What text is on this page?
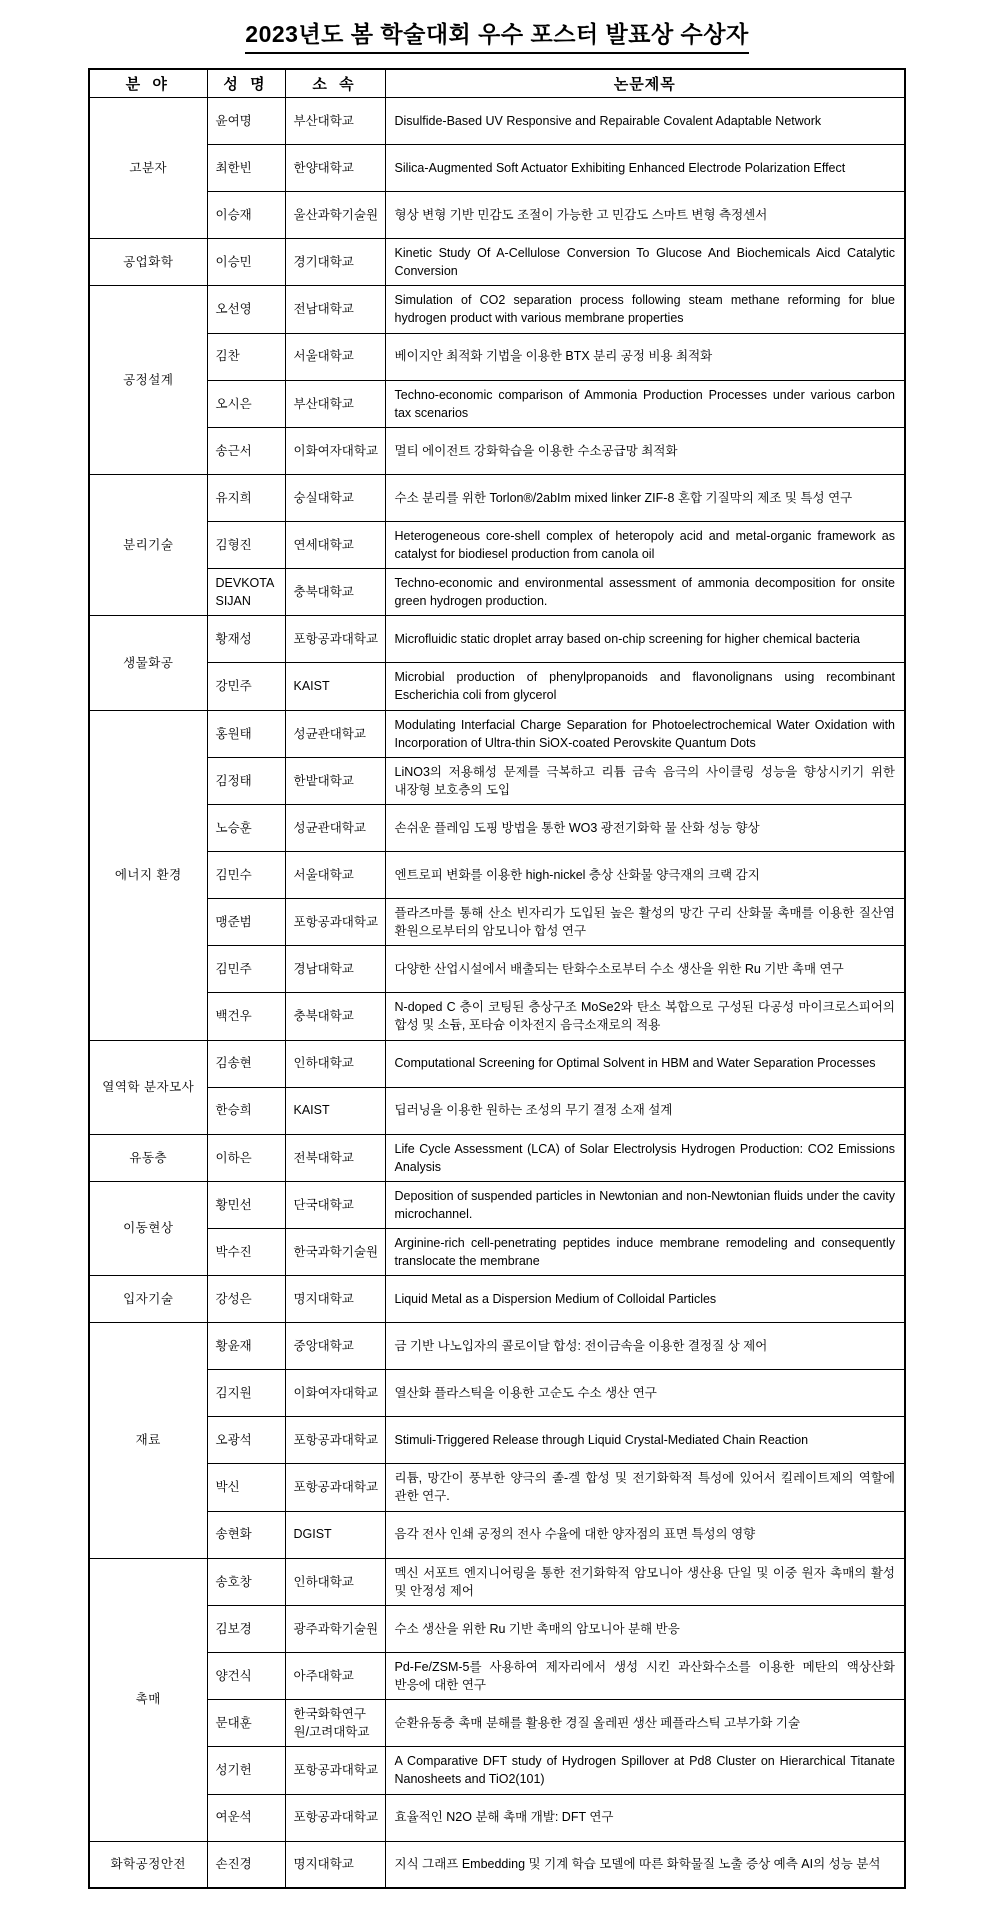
2023년도 봄 학술대회 우수 포스터 발표상 수상자
분 야	성 명	소 속	논문제목
고분자	윤여명	부산대학교	Disulfide-Based UV Responsive and Repairable Covalent Adaptable Network
	최한빈	한양대학교	Silica-Augmented Soft Actuator Exhibiting Enhanced Electrode Polarization Effect
	이승재	울산과학기술원	형상 변형 기반 민감도 조절이 가능한 고 민감도 스마트 변형 측정센서
공업화학	이승민	경기대학교	Kinetic Study Of A-Cellulose Conversion To Glucose And Biochemicals Aicd Catalytic Conversion
공정설계	오선영	전남대학교	Simulation of CO2 separation process following steam methane reforming for blue hydrogen product with various membrane properties
	김찬	서울대학교	베이지안 최적화 기법을 이용한 BTX 분리 공정 비용 최적화
	오시은	부산대학교	Techno-economic comparison of Ammonia Production Processes under various carbon tax scenarios
	송근서	이화여자대학교	멀티 에이전트 강화학습을 이용한 수소공급망 최적화
분리기술	유지희	숭실대학교	수소 분리를 위한 Torlon®/2abIm mixed linker ZIF-8 혼합 기질막의 제조 및 특성 연구
	김형진	연세대학교	Heterogeneous core-shell complex of heteropoly acid and metal-organic framework as catalyst for biodiesel production from canola oil
	DEVKOTA SIJAN	충북대학교	Techno-economic and environmental assessment of ammonia decomposition for onsite green hydrogen production.
생물화공	황재성	포항공과대학교	Microfluidic static droplet array based on-chip screening for higher chemical bacteria
	강민주	KAIST	Microbial production of phenylpropanoids and flavonolignans using recombinant Escherichia coli from glycerol
에너지 환경	홍원태	성균관대학교	Modulating Interfacial Charge Separation for Photoelectrochemical Water Oxidation with Incorporation of Ultra-thin SiOX-coated Perovskite Quantum Dots
	김정태	한밭대학교	LiNO3의 저용해성 문제를 극복하고 리튬 금속 음극의 사이클링 성능을 향상시키기 위한 내장형 보호층의 도입
	노승훈	성균관대학교	손쉬운 플레임 도핑 방법을 통한 WO3 광전기화학 물 산화 성능 향상
	김민수	서울대학교	엔트로피 변화를 이용한 high-nickel 층상 산화물 양극재의 크랙 감지
	맹준범	포항공과대학교	플라즈마를 통해 산소 빈자리가 도입된 높은 활성의 망간 구리 산화물 촉매를 이용한 질산염 환원으로부터의 암모니아 합성 연구
	김민주	경남대학교	다양한 산업시설에서 배출되는 탄화수소로부터 수소 생산을 위한 Ru 기반 촉매 연구
	백건우	충북대학교	N-doped C 층이 코팅된 층상구조 MoSe2와 탄소 복합으로 구성된 다공성 마이크로스피어의 합성 및 소듐, 포타슘 이차전지 음극소재로의 적용
열역학 분자모사	김송현	인하대학교	Computational Screening for Optimal Solvent in HBM and Water Separation Processes
	한승희	KAIST	딥러닝을 이용한 원하는 조성의 무기 결정 소재 설계
유동층	이하은	전북대학교	Life Cycle Assessment (LCA) of Solar Electrolysis Hydrogen Production: CO2 Emissions Analysis
이동현상	황민선	단국대학교	Deposition of suspended particles in Newtonian and non-Newtonian fluids under the cavity microchannel.
	박수진	한국과학기술원	Arginine-rich cell-penetrating peptides induce membrane remodeling and consequently translocate the membrane
입자기술	강성은	명지대학교	Liquid Metal as a Dispersion Medium of Colloidal Particles
재료	황윤재	중앙대학교	금 기반 나노입자의 콜로이달 합성: 전이금속을 이용한 결정질 상 제어
	김지원	이화여자대학교	열산화 플라스틱을 이용한 고순도 수소 생산 연구
	오광석	포항공과대학교	Stimuli-Triggered Release through Liquid Crystal-Mediated Chain Reaction
	박신	포항공과대학교	리튬, 망간이 풍부한 양극의 졸-겔 합성 및 전기화학적 특성에 있어서 킬레이트제의 역할에 관한 연구.
	송현화	DGIST	음각 전사 인쇄 공정의 전사 수율에 대한 양자점의 표면 특성의 영향
촉매	송호창	인하대학교	멕신 서포트 엔지니어링을 통한 전기화학적 암모니아 생산용 단일 및 이중 원자 촉매의 활성 및 안정성 제어
	김보경	광주과학기술원	수소 생산을 위한 Ru 기반 촉매의 암모니아 분해 반응
	양건식	아주대학교	Pd-Fe/ZSM-5를 사용하여 제자리에서 생성 시킨 과산화수소를 이용한 메탄의 액상산화 반응에 대한 연구
	문대훈	한국화학연구원/고려대학교	순환유동층 촉매 분해를 활용한 경질 올레핀 생산 페플라스틱 고부가화 기술
	성기헌	포항공과대학교	A Comparative DFT study of Hydrogen Spillover at Pd8 Cluster on Hierarchical Titanate Nanosheets and TiO2(101)
	여운석	포항공과대학교	효율적인 N2O 분해 촉매 개발: DFT 연구
화학공정안전	손진경	명지대학교	지식 그래프 Embedding 및 기계 학습 모델에 따른 화학물질 노출 증상 예측 AI의 성능 분석
